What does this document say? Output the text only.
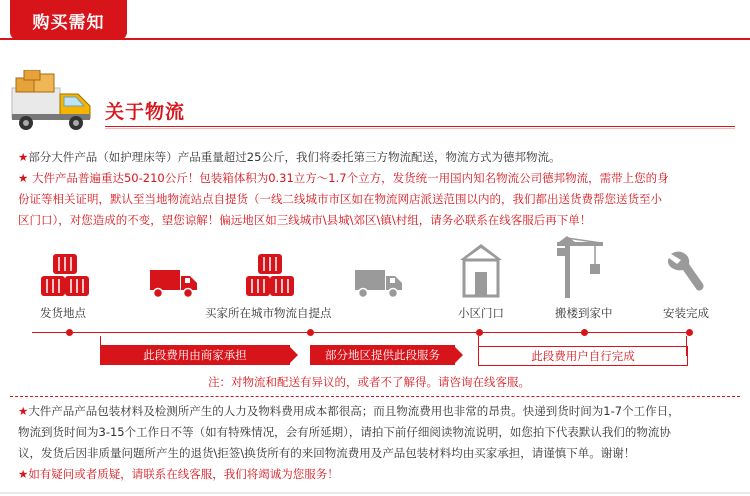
购买需知
关于物流
★部分大件产品（如护理床等）产品重量超过25公斤，我们将委托第三方物流配送，物流方式为德邦物流。
★ 大件产品普遍重达50-210公斤！包装箱体积为0.31立方～1.7个立方，发货统一用国内知名物流公司德邦物流，需带上您的身
份证等相关证明，默认至当地物流站点自提货（一线二线城市市区如在物流网店派送范围以内的，我们都出送货费帮您送货至小
区门口），对您造成的不变，望您谅解！偏远地区如三线城市\县城\郊区\镇\村组，请务必联系在线客服后再下单！
发货地点	买家所在城市物流自提点	小区门口	搬楼到家中	安装完成
此段费用由商家承担	部分地区提供此段服务	此段费用户自行完成
注：对物流和配送有异议的，或者不了解得。请咨询在线客服。
★大件产品产品包装材料及检测所产生的人力及物料费用成本都很高；而且物流费用也非常的昂贵。快递到货时间为1-7个工作日，
物流到货时间为3-15个工作日不等（如有特殊情况，会有所延期），请拍下前仔细阅读物流说明，如您拍下代表默认我们的物流协
议，发货后因非质量问题所产生的退货\拒签\换货所有的来回物流费用及产品包装材料均由买家承担，请谨慎下单。谢谢！
★如有疑问或者质疑，请联系在线客服，我们将竭诚为您服务！
